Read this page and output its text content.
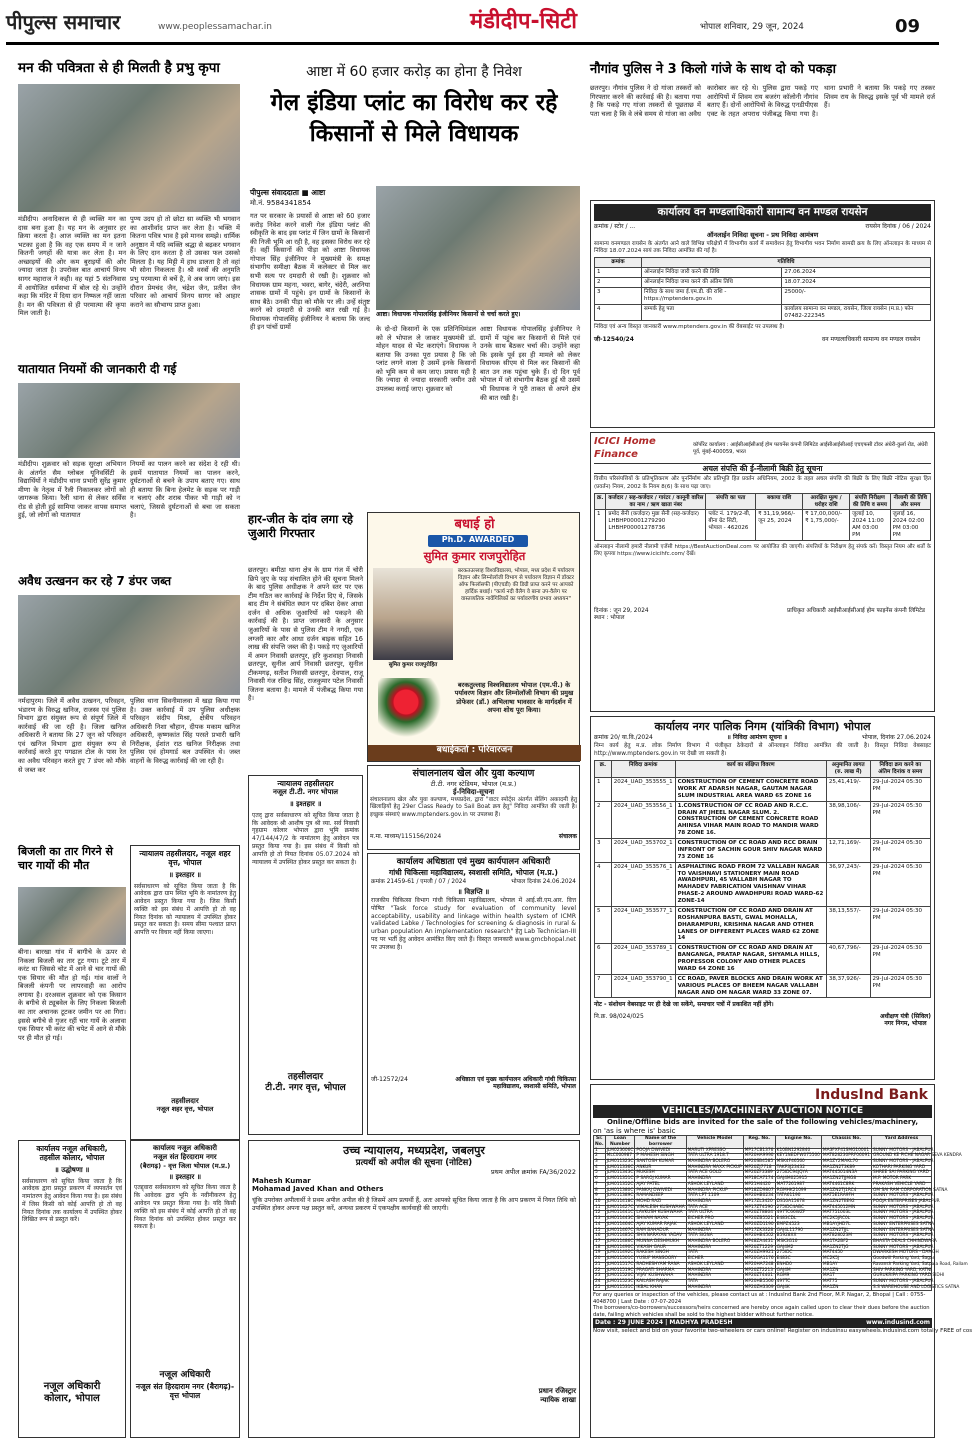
पीपुल्स समाचार	www.peoplessamachar.in	मंडीदीप-सिटी	भोपाल शनिवार, 29 जून, 2024	09
मन की पवित्रता से ही मिलती है प्रभु कृपा
मंडीदीप। अनादिकाल से ही व्यक्ति मन का दास बना हुआ है। यह मन के अनुसार हर क्रिया करता है। आज व्यक्ति का मन इतना भटका हुआ है कि वह एक समय में न जाने कितनी जगहों की यात्रा कर लेता है। मन अच्छाइयों की ओर कम बुराइयों की ओर ज्यादा जाता है। उपरोक्त बात आचार्य विनय सागर महाराज ने कही। वह यहां 5 संतनिवास में आयोजित धर्मसभा में बोल रहे थे। उन्होंने कहा कि मंदिर में दिया दान निष्फल नहीं जाता है। मन की पवित्रता से ही परमात्मा की कृपा मिल जाती है।
पुण्य उदय हो तो छोटा सा व्यक्ति भी भगवान का आशीर्वाद प्राप्त कर लेता है। भक्ति में कितना पवित्र भाव है इसे मानव समझे। धार्मिक अनुष्ठान में यदि व्यक्ति श्रद्धा से बढ़कर भगवान के लिए दान करता है तो उसका फल उसको मिलता है। यह मिट्टी में हाथ डालता है तो वहां भी सोना निकलता है। श्री वस्त्रों की अनुमति प्रभु परमात्मा से बचें है, वे अब जाग जाएं। इस दौरान प्रेमचंद जैन, चंद्रेश जैन, प्रतीश जैन परिवार को आचार्य विनय सागर को आहार कराने का सौभाग्य प्राप्त हुआ।
यातायात नियमों की जानकारी दी गई
मंडीदीप। शुक्रवार को सड़क सुरक्षा अभियान के अंतर्गत सैम ग्लोबल यूनिवर्सिटी के विद्यार्थियों ने मंडीदीप थाना प्रभारी सुरेंद्र कुमार मीणा के नेतृत्व में रैली निकालकर लोगों को जागरूक किया। रैली थाना से लेकर सर्विस रोड से होती हुई सामिया जाकर वापस समाप्त हुई, जो लोगों को यातायात
नियमों का पालन करने का संदेश दे रही थी। इसमें यातायात नियमों का पालन करने, दुर्घटनाओं से बचने के उपाय बताए गए। साथ ही बताया कि बिना हेलमेट के सड़क पर गाड़ी न चलाएं और शराब पीकर भी गाड़ी को न चलाएं, जिससे दुर्घटनाओं से बचा जा सकता है।
अवैध उत्खनन कर रहे 7 डंपर जब्त
नर्मदापुरम। जिले में अवैध उत्खनन, परिवहन, भंडारण के विरुद्ध खनिज, राजस्व एवं पुलिस विभाग द्वारा संयुक्त रूप से संपूर्ण जिले में कार्रवाई की जा रही है। जिला खनिज अधिकारी ने बताया कि 27 जून को परिवहन एवं खनिज विभाग द्वारा संयुक्त रूप से कार्रवाई करते हुए पगढाल टोल के पास रेत का अवैध परिवहन करते हुए 7 डंपर को मौके से जब्त कर
पुलिस थाना सिवनीमालवा में खड़ा किया गया है। उक्त कार्रवाई में उप पुलिस अधीक्षक परिवहन संदीप मिश्रा, क्षेत्रीय परिवहन अधिकारी निशा चौहान, दीपक मकाम खनिज अधिकारी, कृष्णकांत सिंह परस्ते प्रभारी खनि निरीक्षक, ईशांत राठ खनिज निरीक्षक तथा पुलिस एवं होमगार्ड बल उपस्थित थे। जब्त वाहनों के विरुद्ध कार्रवाई की जा रही है।
बिजली का तार गिरने से चार गायों की मौत
बीना। बारखा गांव में बागीचे के ऊपर से निकला बिजली का तार टूट गया। टूटे तार में करंट था जिससे चोट में आने से चार गायों की एक सियार की मौत हो गई। गांव वालों ने बिजली कंपनी पर लापरवाही का आरोप लगाया है। दरअसल शुक्रवार को एक किसान के बगीचे से ट्यूबवेल के लिए निकला बिजली का तार अचानक टूटकर जमीन पर आ गिरा। इससे बगीचे से गुजर रहीं चार गायें के अलावा एक सियार भी करंट की चपेट में आने से मौके पर ही मौत हो गई।
न्यायालय तहसीलदार, नजूल शहर वृत्त, भोपाल
॥ इश्तहार ॥
सर्वसाधारण को सूचित किया जाता है कि आवेदक द्वारा ग्राम स्थित भूमि के नामांतरण हेतु आवेदन प्रस्तुत किया गया है। जिस किसी व्यक्ति को इस संबंध में आपत्ति हो तो वह नियत दिनांक को न्यायालय में उपस्थित होकर प्रस्तुत कर सकता है। समय सीमा पश्चात प्राप्त आपत्ति पर विचार नहीं किया जाएगा।
तहसीलदार
नजूल शहर वृत्त, भोपाल
कार्यालय नजूल अधिकारी,
तहसील कोलार, भोपाल
॥ उद्घोषणा ॥
सर्वसाधारण को सूचित किया जाता है कि आवेदक द्वारा प्रस्तुत प्रकरण में व्यपवर्तन एवं नामांतरण हेतु आवेदन किया गया है। इस संबंध में जिस किसी को कोई आपत्ति हो तो वह नियत दिनांक तक कार्यालय में उपस्थित होकर लिखित रूप से प्रस्तुत करें।
नजूल अधिकारी
कोलार, भोपाल
कार्यालय नजूल अधिकारी
नजूल संत हिरदाराम नगर
(बैरागढ़) - वृत्त जिला भोपाल (म.प्र.)
॥ इश्तहार ॥
एतद्द्वारा सर्वसाधारण को सूचित किया जाता है कि आवेदक द्वारा भूमि के नवीनीकरण हेतु आवेदन पत्र प्रस्तुत किया गया है। यदि किसी व्यक्ति को इस संबंध में कोई आपत्ति हो तो वह नियत दिनांक को उपस्थित होकर प्रस्तुत कर सकता है।
नजूल अधिकारी
नजूल संत हिरदाराम नगर (बैरागढ़)-वृत्त भोपाल
आष्टा में 60 हजार करोड़ का होना है निवेश
गेल इंडिया प्लांट का विरोध कर रहे किसानों से मिले विधायक
पीपुल्स संवाददाता ■ आष्टा
मो.नं. 9584341854
आष्टा। विधायक गोपालसिंह इंजीनियर किसानों से चर्चा करते हुए।
गत पर सरकार के प्रयासों से आष्टा को 60 हजार करोड़ निवेश करने वाली गेल इंडिया प्लांट की स्वीकृति के बाद इस प्लांट में जिन ग्रामों के किसानों की निजी भूमि आ रही है, वह इसका विरोध कर रहे हैं। वहीं किसानों की पीड़ा को आष्टा विधायक गोपाल सिंह इंजीनियर ने मुख्यमंत्री के समक्ष संभागीय समीक्षा बैठक में कलेक्टर से मिल कर सभी सत्य पर दमदारी से रखी है। शुक्रवार को विधायक ग्राम महना, भवरा, बागेर, चंदेरी, अरनिया शासक ग्रामों में पहुंचे। इन ग्रामों के किसानों के साथ बैठे। उनकी पीड़ा को मौके पर ली। उन्हें संतुष्ट करने को दमदारी से उनकी बात रखी गई है। विधायक गोपालसिंह इंजीनियर ने बताया कि जल्द ही इन पांचों ग्रामों	के दो-दो किसानों के एक प्रतिनिधिमंडल को ले भोपाल ले जाकर मुख्यमंत्री डॉ. मोहन यादव से भेंट कराएंगे। विधायक ने बताया कि उनका पूरा प्रयास है कि जो प्लांट लगने वाला है उसमें इनके किसानों को भूमि कम से कम जाए। प्रयास यही है कि ज्यादा से ज्यादा सरकारी जमीन उसे उपलब्ध कराई जाए। शुक्रवार को
आष्टा विधायक गोपालसिंह इंजीनियर ने ग्रामों में पहुंच कर किसानों से मिले एवं उनके साथ बैठकर चर्चा की। उन्होंने कहा कि इसके पूर्व इस ही मामले को लेकर विधायक सीएम से मिल कर किसानों की बात उन तक पहुंचा चुके हैं। दो दिन पूर्व भोपाल में जो संभागीय बैठक हुई थी उसमें भी विधायक ने पूरी ताकत से अपने क्षेत्र की बात रखी है।
हार-जीत के दांव लगा रहे जुआरी गिरफ्तार
छतरपुर। बमीठा थाना क्षेत्र के ग्राम गंज में चोरी छिपे जुए के फड़ संचालित होने की सूचना मिलने के बाद पुलिस अधीक्षक ने अपने स्तर पर एक टीम गठित कर कार्रवाई के निर्देश दिए थे, जिसके बाद टीम ने संबंधित स्थान पर दबिश देकर आधा दर्जन से अधिक जुआरियों को पकड़ने की कार्रवाई की है। प्राप्त जानकारी के अनुसार जुआरियों के पास से पुलिस टीम ने नगदी, एक लग्जरी कार और आधा दर्जन बाइक सहित 16 लाख की संपत्ति जब्त की है। पकड़े गए जुआरियों में अमन निवासी छतरपुर, हरि कुशवाहा निवासी छतरपुर, सुनील आर्य निवासी छतरपुर, सुनील टीकमगढ़, सतीश निवासी छतरपुर, देवपाल, राजू निवासी गंज रविन्द्र सिंह, राजकुमार पटेल निवासी जितना बताया है। मामले में पंजीबद्ध किया गया है।
बधाई हो
Ph.D. AWARDED
सुमित कुमार राजपुरोहित
सुमित कुमार राजपुरोहित
बरकतउल्लाह विश्वविद्यालय, भोपाल, मध्य प्रदेश में पर्यावरण विज्ञान और लिम्नोलॉजी विभाग से पर्यावरण विज्ञान में डॉक्टर ऑफ फिलॉसफी (पीएचडी) की डिग्री प्राप्त करने पर आपको हार्दिक बधाई। "कार्य नदी वैलैग वे बाना उप-वैलेग पर वास्तव्यतिक नावेंगिलिकों का पर्यावरणीय प्रभाव अध्ययन"
बरकतुल्लाह विश्वविद्यालय भोपाल (एम.पी.) के पर्यावरण विज्ञान और लिम्नोलॉजी विभाग की प्रमुख प्रोफेसर (डॉ.) अभिलाषा भावसार के मार्गदर्शन में अपना शोध पूरा किया।
बधाईकर्ता : परिवारजन
संचालनालय खेल और युवा कल्याण
टी.टी. नगर स्टेडियम, भोपाल (म.प्र.)
ई-निविदा-सूचना
संचालनालय खेल और युवा कल्याण, मध्यप्रदेश, द्वारा "वाटर स्पोर्ट्स अंतर्गत सेलिंग अकादमी हेतु खिलाड़ियों हेतु 29er Class Ready to Sail Boat क्रय हेतु" निविदा आमंत्रित की जाती है। इच्छुक संस्थाएं www.mptenders.gov.in पर उपलब्ध हैं।
म.मा. माध्यम/115156/2024	संचालक
न्यायालय तहसीलदार
नजूल टी.टी. नगर भोपाल
॥ इश्तहार ॥
एतद् द्वारा सर्वसाधारण को सूचित किया जाता है कि आवेदक श्री आशीष पुत्र श्री व्या. सर्व निवासी गृहग्राम कोलार भोपाल द्वारा भूमि क्रमांक 47/144/47/2 के नामांतरण हेतु आवेदन पत्र प्रस्तुत किया गया है। इस संबंध में किसी को आपत्ति हो तो नियत दिनांक 05.07.2024 को न्यायालय में उपस्थित होकर प्रस्तुत कर सकता है।
तहसीलदार
टी.टी. नगर वृत्त, भोपाल
कार्यालय अधिष्ठाता एवं मुख्य कार्यपालन अधिकारी
गांधी चिकित्सा महाविद्यालय, स्वशासी समिति, भोपाल (म.प्र.)
क्रमांक 21459-61 / एमजी / 07 / 2024	भोपाल दिनांक 24.06.2024
॥ विज्ञप्ति ॥
राजकीय चिकित्सा विभाग गांधी चिकित्सा महाविद्यालय, भोपाल में आई.सी.एम.आर. वित्त पोषित "Task force study for evaluation of community level acceptability, usability and linkage within health system of ICMR validated Labke / Technologies for screening & diagnosis in rural & urban population An implementation research" हेतु Lab Technician-III पद पर भर्ती हेतु आवेदन आमंत्रित किए जाते हैं। विस्तृत जानकारी www.gmcbhopal.net पर उपलब्ध है।
जी-12572/24	अधिष्ठाता एवं मुख्य कार्यपालन अधिकारी गांधी चिकित्सा महाविद्यालय, स्वशासी समिति, भोपाल
उच्च न्यायालय, मध्यप्रदेश, जबलपुर
प्रत्यर्थी को अपील की सूचना (नोटिस)
प्रथम अपील क्रमांक FA/36/2022
Mahesh Kumar
Mohamad Javed Khan and Others
चूंकि उपरोक्त अपीलार्थी ने प्रथम अपील अपील की है जिसमें आप प्रत्यर्थी हैं, अतः आपको सूचित किया जाता है कि आप प्रकरण में नियत तिथि को उपस्थित होकर अपना पक्ष प्रस्तुत करें, अन्यथा प्रकरण में एकपक्षीय कार्यवाही की जाएगी।
प्रधान रजिस्ट्रार
न्यायिक शाखा
नौगांव पुलिस ने 3 किलो गांजे के साथ दो को पकड़ा
छतरपुर। नौगांव पुलिस ने दो गांजा तस्करों को गिरफ्तार करने की कार्रवाई की है। बताया गया है कि पकड़े गए गांजा तस्करों से पूछताछ में पता चला है कि वे लंबे समय से गांजा का अवैध कारोबार कर रहे थे। पुलिस द्वारा पकड़े गए आरोपियों में शिवम राय बजरंग कॉलोनी नौगांव बताए हैं। दोनों आरोपियों के विरुद्ध एनडीपीएस एक्ट के तहत अपराध पंजीबद्ध किया गया है। थाना प्रभारी ने बताया कि पकड़े गए तस्कर शिवम राय के विरुद्ध इसके पूर्व भी मामले दर्ज हैं।
कार्यालय वन मण्डलाधिकारी सामान्य वन मण्डल रायसेन
क्रमांक / स्टोर / ...	रायसेन दिनांक / 06 / 2024
ऑनलाईन निविदा सूचना - प्रथ निविदा आमंत्रण
सामान्य वनमण्डल रायसेन के अंतर्गत आने वाले विभिन्न परिक्षेत्रों में विभागीय कार्य में समावेशन हेतु विभागीय भवन निर्माण सामग्री क्रय के लिए ऑनलाइन के माध्यम से निविदा 18.07.2024 सायं तक निविदा आमंत्रित की गई है।
क्रमांक	गतिविधि	
1	ऑनलाईन निविदा जारी करने की तिथि	27.06.2024
2	ऑनलाईन निविदा जमा करने की अंतिम तिथि	18.07.2024
3	निविदा के साथ जमा ई.एम.डी. की राशि - https://mptenders.gov.in	25000/-
4	सम्पर्क हेतु पता	कार्यालय सामान्य वन मण्डल, रायसेन, जिला रायसेन (म.प्र.) फोन 07482-222345
निविदा एवं अन्य विस्तृत जानकारी www.mptenders.gov.in की वेबसाईट पर उपलब्ध है।
जी-12540/24	वन मण्डलाधिकारी सामान्य वन मण्डल रायसेन
ICICI Home Finance
कॉर्पोरेट कार्यालय : आईसीआईसीआई होम फायनेंस कंपनी लिमिटेड आईसीआईसीआई एचएफसी टॉवर अंधेरी-कुर्ला रोड, अंधेरी पूर्व, मुंबई-400059, भारत
अचल संपत्ति की ई-नीलामी बिक्री हेतु सूचना
वित्तीय परिसंपत्तियों के प्रतिभूतिकरण और पुनर्निर्माण और प्रतिभूति हित प्रवर्तन अधिनियम, 2002 के तहत अचल संपत्ति की बिक्री के लिए बिक्री नोटिस सुरक्षा हित (प्रवर्तन) नियम, 2002 के नियम 8(6) के साथ पढ़ा जाए।
क्र.	कर्जदार / सह-कर्जदार / गारंटर / कानूनी वारिस का नाम / ऋण खाता नंबर	संपत्ति का पता	बकाया राशि	आरक्षित मूल्य / धरोहर राशि	संपत्ति निरीक्षण की तिथि व समय	नीलामी की तिथि और समय
1	प्रमोद सैनी (कर्जदार) मुन्ना सैनी (सह-कर्जदार) LHBHP00001279290 LHBHP00001278736	प्लॉट नं. 179/2-बी, बीना ग्रेट सिटी, भोपाल - 462026	₹ 31,19,966/- जून 25, 2024	₹ 17,00,000/- ₹ 1,75,000/-	जुलाई 10, 2024 11:00 AM 03:00 PM	जुलाई 16, 2024 02:00 PM 03:00 PM
ऑनलाइन नीलामी हमारी नीलामी एजेंसी https://BestAuctionDeal.com पर आयोजित की जाएगी। संपत्तियों के निरीक्षण हेतु संपर्क करें। विस्तृत नियम और शर्तों के लिए कृपया https://www.icicihfc.com/ देखें।
दिनांक : जून 29, 2024
स्थान : भोपाल
प्राधिकृत अधिकारी आईसीआईसीआई होम फाइनेंस कंपनी लिमिटेड
कार्यालय नगर पालिक निगम (यांत्रिकी विभाग) भोपाल
क्रमांक 20/ या.वि./2024	॥ निविदा आमंत्रण सूचना ॥	भोपाल, दिनांक 27.06.2024
निम्न कार्य हेतु म.प्र. लोक निर्माण विभाग में पंजीकृत ठेकेदारों से ऑनलाइन निविदा आमंत्रित की जाती है। विस्तृत निविदा वेबसाइट http://www.mptenders.gov.in पर देखी जा सकती है।
क्र.	निविदा क्रमांक	कार्य का संक्षिप्त विवरण	अनुमानित लागत (रु. लाख में)	निविदा क्रय करने का अंतिम दिनांक व समय
1	2024_UAD_353555_1	CONSTRUCTION OF CEMENT CONCRETE ROAD WORK AT ADARSH NAGAR, GAUTAM NAGAR SLUM INDUSTRIAL AREA WARD 65 ZONE 16	25,41,419/-	29-Jul-2024 05:30 PM
2	2024_UAD_353556_1	1.CONSTRUCTION OF CC ROAD AND R.C.C. DRAIN AT JHEEL NAGAR SLUM. 2. CONSTRUCTION OF CEMENT CONCRETE ROAD AHINSA VIHAR MAIN ROAD TO MANDIR WARD 78 ZONE 16.	38,98,106/-	29-Jul-2024 05:30 PM
3	2024_UAD_353702_1	CONSTRUCTION OF CC ROAD AND RCC DRAIN INFRONT OF SACHIN GOUR SHIV NAGAR WARD 73 ZONE 16	12,71,169/-	29-Jul-2024 05:30 PM
4	2024_UAD_353576_1	ASPHALTING ROAD FROM 72 VALLABH NAGAR TO VAISHNAVI STATIONERY MAIN ROAD AWADHPURI, 45 VALLABH NAGAR TO MAHADEV FABRICATION VAISHNAV VIHAR PHASE-2 AROUND AWADHPURI ROAD WARD-62 ZONE-14	36,97,243/-	29-Jul-2024 05:30 PM
5	2024_UAD_353577_1	CONSTRUCTION OF CC ROAD AND DRAIN AT ROSHANPURA BASTI, GWAL MOHALLA, DHARAMPURI, KRISHNA NAGAR AND OTHER LANES OF DIFFERENT PLACES WARD 62 ZONE 14	38,13,557/-	29-Jul-2024 05:30 PM
6	2024_UAD_353789_1	CONSTRUCTION OF CC ROAD AND DRAIN AT BANGANGA, PRATAP NAGAR, SHYAMLA HILLS, PROFESSOR COLONY AND OTHER PLACES WARD 64 ZONE 16	40,67,796/-	29-Jul-2024 05:30 PM
7	2024_UAD_353790_1	CC ROAD, PAVER BLOCKS AND DRAIN WORK AT VARIOUS PLACES OF BHEEM NAGAR VALLABH NAGAR AND OM NAGAR WARD 33 ZONE 07.	38,37,926/-	29-Jul-2024 05:30 PM
नोट - संशोधन वेबसाइट पर ही देखे जा सकेंगे, समाचार पत्रों में प्रकाशित नहीं होंगे।
नि.क्र. 98/024/025	अधीक्षण यंत्री (सिविल)
नगर निगम, भोपाल
IndusInd Bank
VEHICLES/MACHINERY AUCTION NOTICE
Online/Offline bids are invited for the sale of the following vehicles/machinery,
on 'as is where is' basic
Sr. No.	Loan Number	Name of the borrower	Vehicle Model	Reg. No.	Engine No.	Chassis No.	Yard Address
1	JLM023606C	POOJA DWIVEDI	MARUTI XPRESSO	MP17CB1376	K10BN1292840	MA3FXF41SMG10001	SUNNY MOTORS - JABALPUR
2	MLC000987	P MAHESH SINGH	TATA ULTRA 1918.T	MP20HA9990	KEY1NEDFW075500	MAT828230PRF06091	GROUND KE PICHE NAGAR SEVA KENDRA
3	JLM011323C	SANTOSH KUMAR	MAHINDRA BOLERO	MP20SB4585	MSK4F46560	MA1ZY2MAKL70	SUNNY MOTORS - JABALPUR
4	JLM011336C	ANKUR	MAHINDRA MAXX PICKUP	MP20ZJ7718	TAKP3J23432	MA1ZN2T3K89	KOTHARI PARKING YARD
5	JLM011343C	MUKESH	TATA ACE GOLD	MP20ZF3389	275IDC94JQYA	MAT445014N3A	SHREE SAI PARKING YARD
6	JLM011351C	P SAROJ KUMAR	MAHINDRA	MP18CA7174	GAJ4M025915	MA1ZN2TJJMG8	M.P. MOTOR PARK
7	JLM011352C	AJAY PATEL	ASHOK LEYLAND	MP21H4420	MAT7261987	MAT4461C8RK	PRAKASH VEHICLE YARD
8	JLM011380C	PANKAJ DWIVEDI	MAHINDRA PICKUP	MP18ZD9807	RGMHK21099	MA1ZN2TJ1RC4	OM SAI RAM CORPORATION SATNA
9	JLM011389C	RAMANDEEP	TATA LPT 1109	MP20HB0234	TATA61190	MAT5E1RA9FH	SUNNY MOTORS - JABALPUR
10	JLM011418C	MOHD RAZI	MAHINDRA	MP17ZL3420	DS10A15678	MA1ZN2TEE92	POOJA ENTERPRISES JABALPUR
11	JLM011427C	VIMALESH KUSHWAHA	TATA ACE	MP17ZT4590	275IDC4ABC	MAT445012MN	SUNNY MOTORS - JABALPUR
12	JLM011441C	LAVKUSH KUSHWAHA	TATA ULTRA	MP20ZT8804	497TC66WZF	MAT751003L	SUNNY MOTORS - JABALPUR
13	JLM011443C	SHIVAM NAYAK	EICHER PRO	MP20ZB5521	E483CDL	MC2K5JRC0L	SUNNY MOTORS - JABALPUR
14	JLM011464C	AJAY KUMAR RAJAK	ASHOK LEYLAND	MP20ZD1190	EMPZ4523	MB1AYJHD7L	SUNNY ENTERPRISES SATNA
15	JLM011467C	RAM BAHADUR	MAHINDRA	MP17ZK3328	GAJ4L11790	MA1ZN2TJJL	SUNNY ENTERPRISES SATNA
16	JLM011485C	SHIVNARAYAN YADAV	TATA SIGNA	MP20HB4502	B5928XX	MAT828023M	SUNNY MOTORS - JABALPUR
17	JLM011486C	MUNNA DESHMUKH	MAHINDRA BOLERO	MP48ZA4431	MSK3G10	MA1TA2BF2	BHASTA DEALS CHHINDWARA
18	JLM011490C	VIKASH GAUR	MAHINDRA	MP20ZT1229	GAJ4M2	MA1ZN2TJG	SUNNY MOTORS - JABALPUR
19	JLM011492C	RAKESH SINGH	TATA	MP20ZH9921	275IDC	MAT4450	DWARKESH MOTORS - DAMOH
20	JLM011501C	YUSUF MANSOORY	EICHER	MP20GA1176	E483C	MC2K5J	Goodwill Parking Yard, Sagar
21	JLM011517C	RADHESHYAM RANA	ASHOK LEYLAND	MP20HA7248	ENHD0	MB1AY	Ravansh Parking Yard, Satpala Road, Rallam
22	JLM011519C	PRAGATI SHARMA	MAHINDRA	MP20ZT2213	GAJ4M	MA1ZN	SHIV PARKING YARD, KATNI
23	JLM011520C	VIJAY KUSHWAHA	MAHINDRA	MP20ZT4401	RGM9	MA1T	GURUKRIPA PARKING YARD SIDHI
24	JLM011523C	KAILASH RAJAK	TATA	MP20HB5566	497TC	MAT75	SUNNY MOTORS - JABALPUR
25	JLM011531C	IKBAL KHAN	MAHINDRA	MP20ZH3309	GAJ4K	MA1ZN	S.S WAREHOUSE AND LOGISTICS SATNA
For any queries or inspection of the vehicles, please contact us at : IndusInd Bank 2nd Floor, M.P. Nagar, 2, Bhopal | Call : 0755-4048700 | Last Date : 07-07-2024
The borrowers/co-borrowers/successors/heirs concerned are hereby once again called upon to clear their dues before the auction date, failing which vehicles shall be sold to the highest bidder without further notice.
Date : 29 JUNE 2024 | MADHYA PRADESH	www.indusind.com
Now visit, select and bid on your favorite two-wheelers or cars online! Register on indusinsu easywheels.indusind.com totally FREE of cos
